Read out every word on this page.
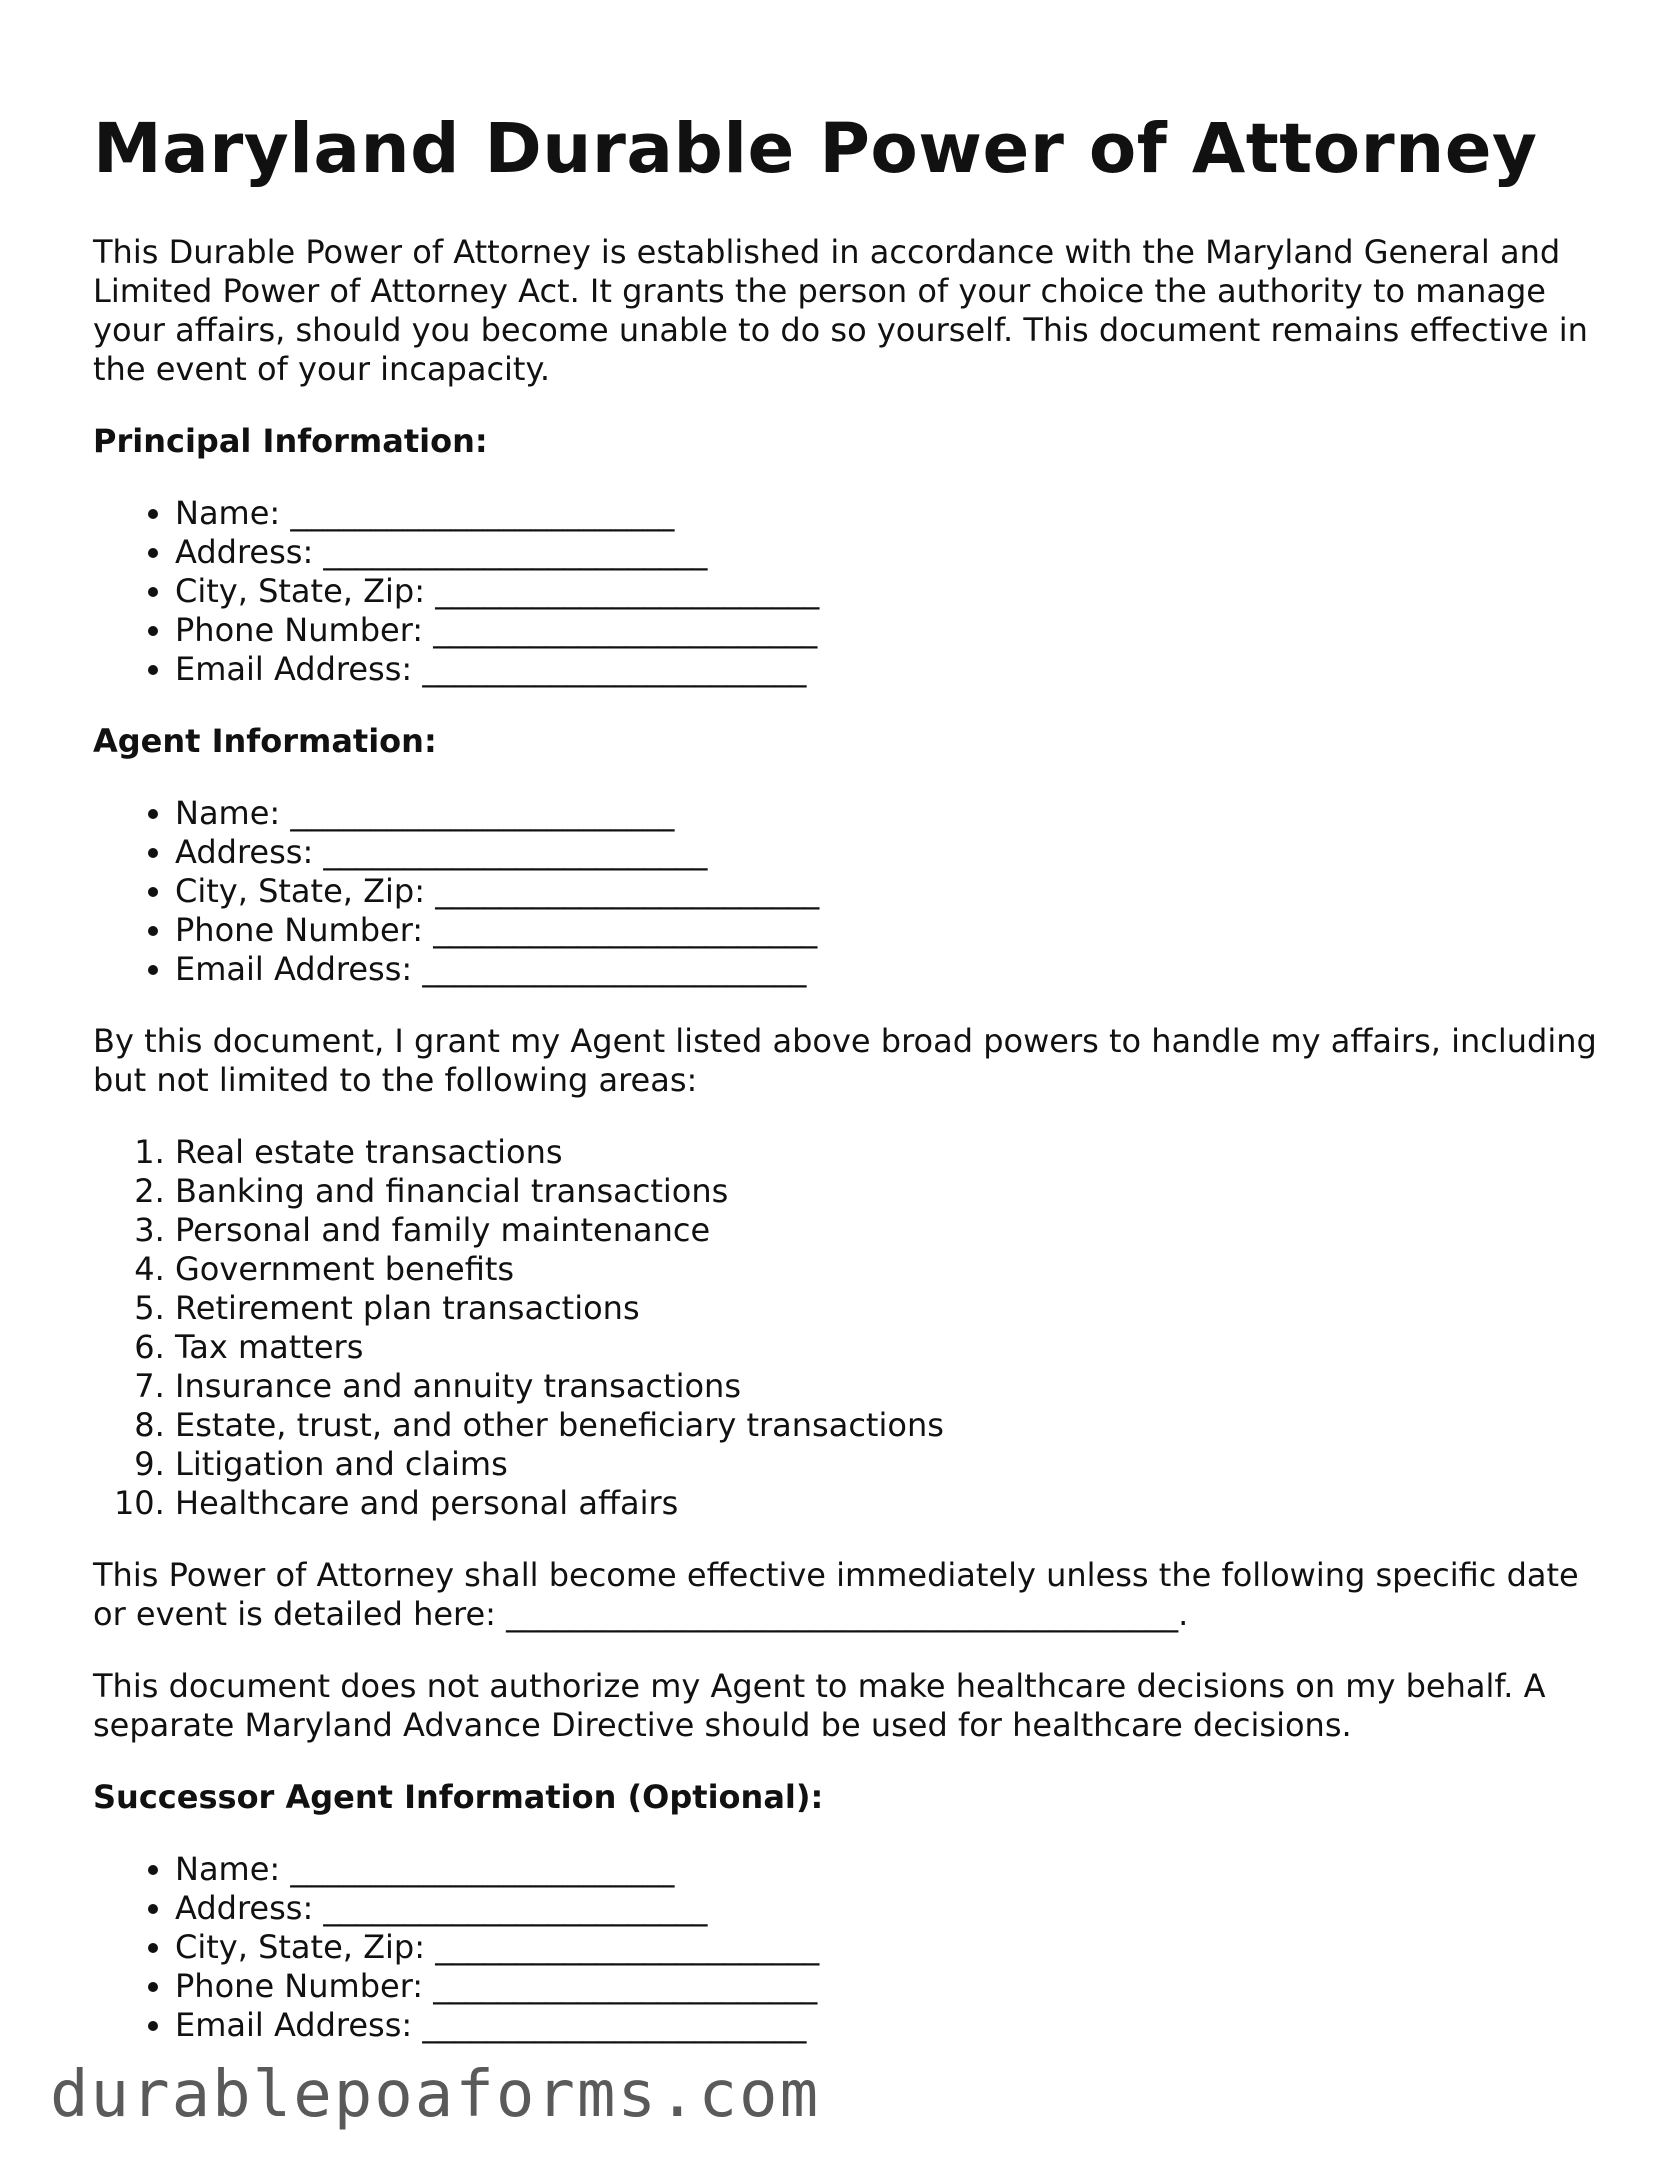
Maryland Durable Power of Attorney

This Durable Power of Attorney is established in accordance with the Maryland General and Limited Power of Attorney Act. It grants the person of your choice the authority to manage your affairs, should you become unable to do so yourself. This document remains effective in the event of your incapacity.

Principal Information:
• Name: ________________________
• Address: ________________________
• City, State, Zip: ________________________
• Phone Number: ________________________
• Email Address: ________________________
Agent Information:
• Name: ________________________
• Address: ________________________
• City, State, Zip: ________________________
• Phone Number: ________________________
• Email Address: ________________________

By this document, I grant my Agent listed above broad powers to handle my affairs, including but not limited to the following areas:

1. Real estate transactions
2. Banking and financial transactions
3. Personal and family maintenance
4. Government benefits
5. Retirement plan transactions
6. Tax matters
7. Insurance and annuity transactions
8. Estate, trust, and other beneficiary transactions
9. Litigation and claims
10. Healthcare and personal affairs

This Power of Attorney shall become effective immediately unless the following specific date or event is detailed here: __________________________________________.

This document does not authorize my Agent to make healthcare decisions on my behalf. A separate Maryland Advance Directive should be used for healthcare decisions.

Successor Agent Information (Optional):
• Name: ________________________
• Address: ________________________
• City, State, Zip: ________________________
• Phone Number: ________________________
• Email Address: ________________________
durablepoaforms.com
